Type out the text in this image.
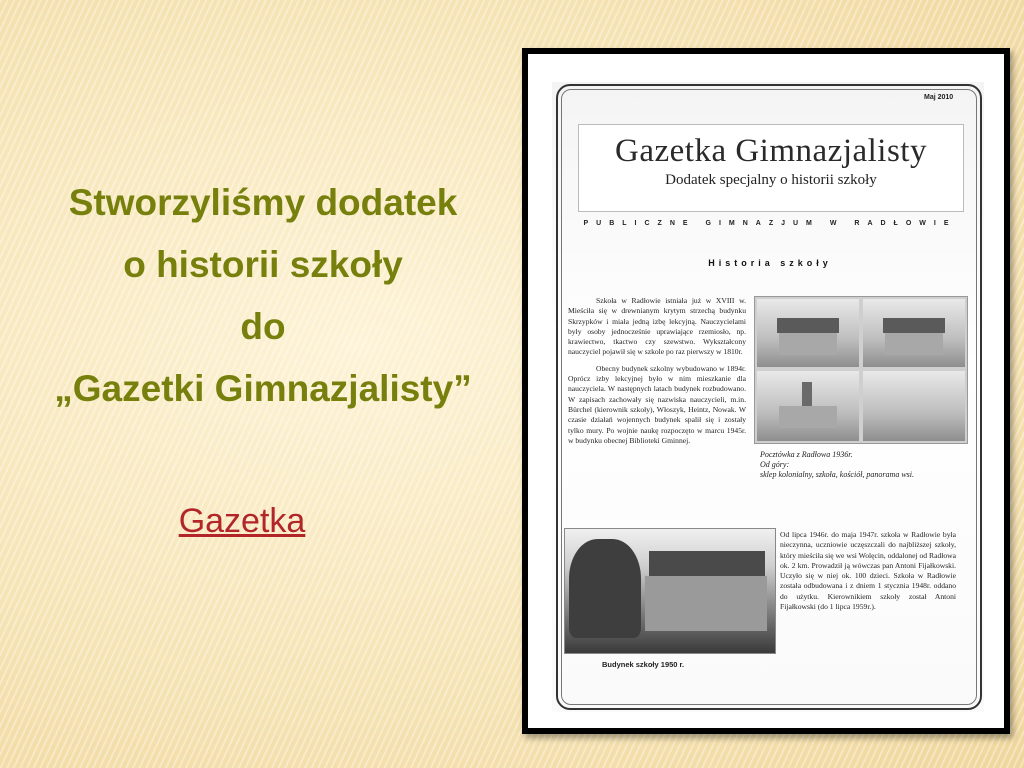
Stworzyliśmy dodatek
o historii szkoły
do
„Gazetki Gimnazjalisty”
Gazetka
Maj 2010
Gazetka Gimnazjalisty
Dodatek specjalny o historii szkoły
PUBLICZNE GIMNAZJUM W RADŁOWIE
Historia szkoły

Szkoła w Radłowie istniała już w XVIII w. Mieściła się w drewnianym krytym strzechą budynku Skrzypków i miała jedną izbę lekcyjną. Nauczycielami były osoby jednocześnie uprawiające rzemiosło, np. krawiectwo, tkactwo czy szewstwo. Wykształcony nauczyciel pojawił się w szkole po raz pierwszy w 1810r.

Obecny budynek szkolny wybudowano w 1894r. Oprócz izby lekcyjnej było w nim mieszkanie dla nauczyciela. W następnych latach budynek rozbudowano. W zapisach zachowały się nazwiska nauczycieli, m.in. Bürchel (kierownik szkoły), Włoszyk, Heintz, Nowak. W czasie działań wojennych budynek spalił się i zostały tylko mury. Po wojnie naukę rozpoczęto w marcu 1945r. w budynku obecnej Biblioteki Gminnej.

Pocztówka z Radłowa 1936r.
Od góry:
sklep kolonialny, szkoła, kościół, panorama wsi.

Od lipca 1946r. do maja 1947r. szkoła w Radłowie była nieczynna, uczniowie uczęszczali do najbliższej szkoły, który mieściła się we wsi Wolęcin, oddalonej od Radłowa ok. 2 km. Prowadził ją wówczas pan Antoni Fijałkowski. Uczyło się w niej ok. 100 dzieci. Szkoła w Radłowie została odbudowana i z dniem 1 stycznia 1948r. oddano do użytku. Kierownikiem szkoły został Antoni Fijałkowski (do 1 lipca 1959r.).

Budynek szkoły 1950 r.
